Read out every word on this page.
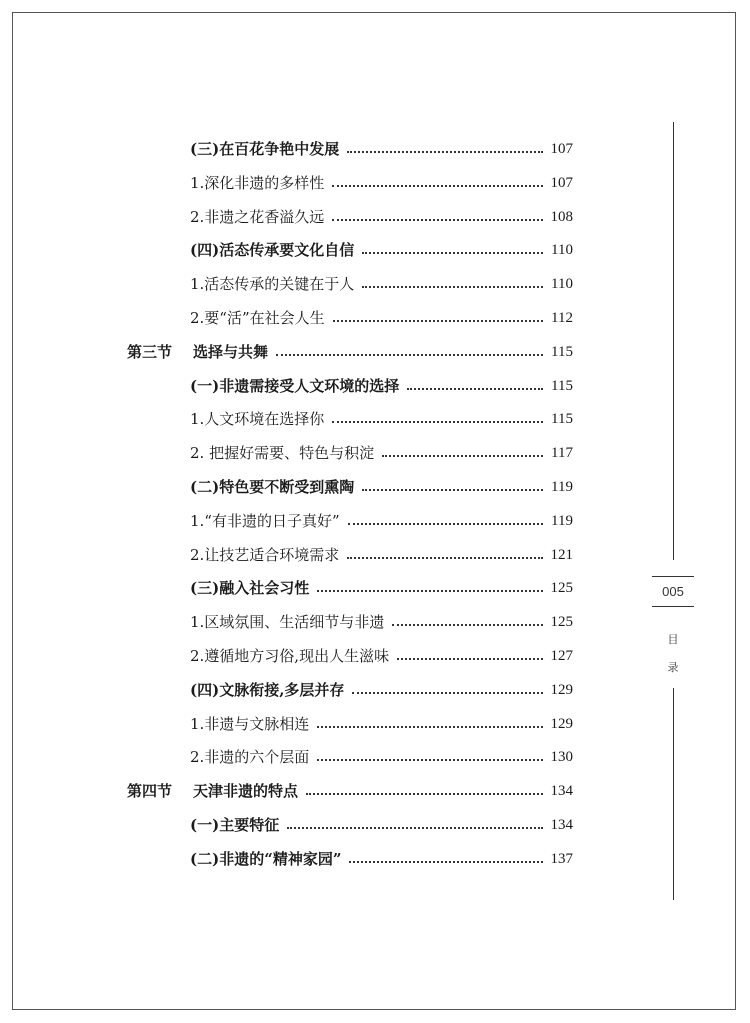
(三)在百花争艳中发展	107
1.深化非遗的多样性	107
2.非遗之花香溢久远	108
(四)活态传承要文化自信	110
1.活态传承的关键在于人	110
2.要“活”在社会人生	112
第三节	选择与共舞	115
(一)非遗需接受人文环境的选择	115
1.人文环境在选择你	115
2. 把握好需要、特色与积淀	117
(二)特色要不断受到熏陶	119
1.“有非遗的日子真好”	119
2.让技艺适合环境需求	121
(三)融入社会习性	125
1.区域氛围、生活细节与非遗	125
2.遵循地方习俗,现出人生滋味	127
(四)文脉衔接,多层并存	129
1.非遗与文脉相连	129
2.非遗的六个层面	130
第四节	天津非遗的特点	134
(一)主要特征	134
(二)非遗的“精神家园”	137
005
目
录
